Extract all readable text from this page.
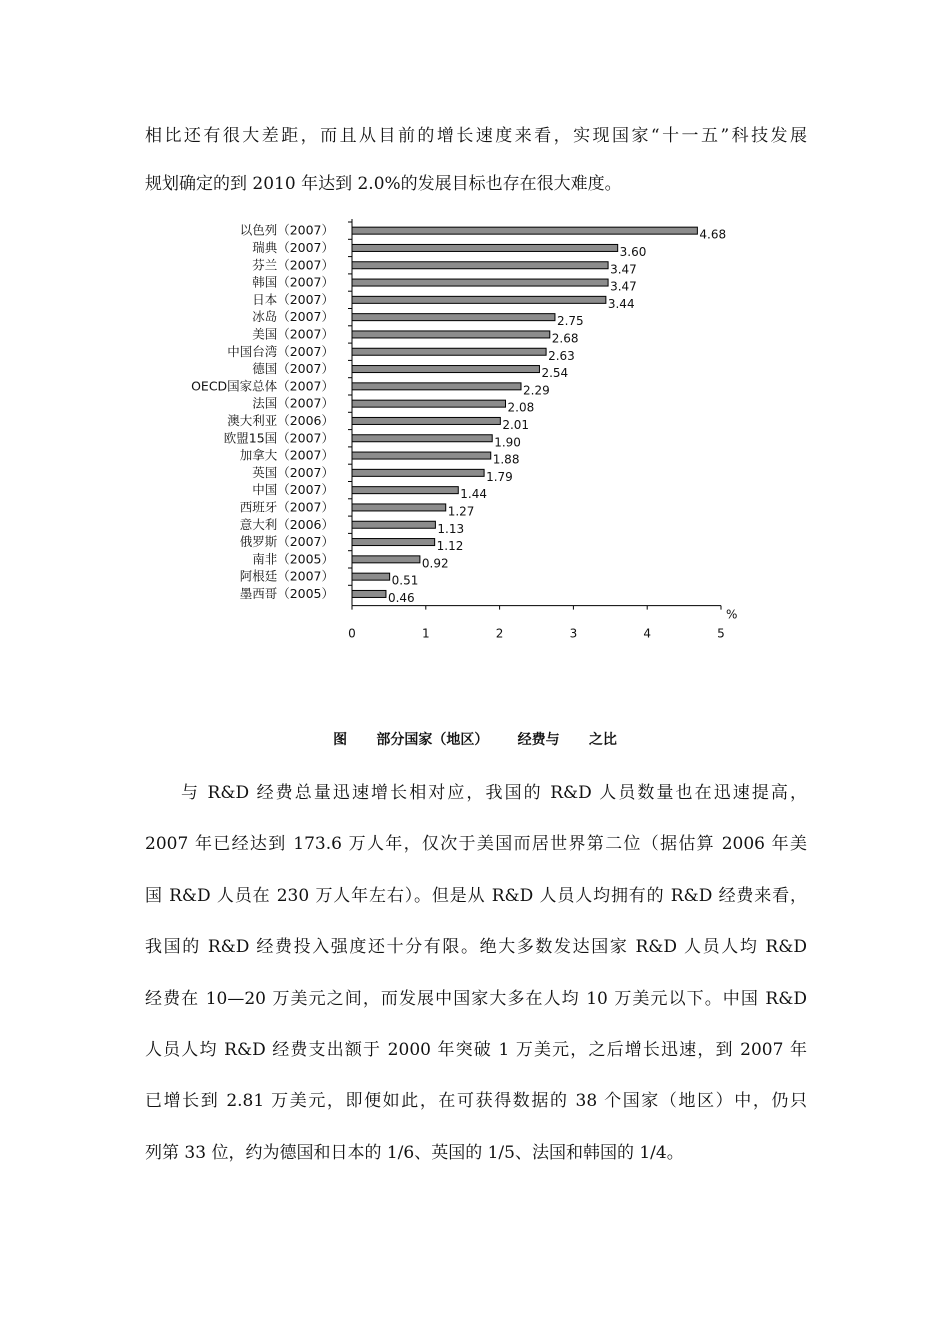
相比还有很大差距，而且从目前的增长速度来看，实现国家“十一五”科技发展
规划确定的到 2010 年达到 2.0%的发展目标也存在很大难度。
以色列（2007）	4.68
瑞典（2007）	3.60
芬兰（2007）	3.47
韩国（2007）	3.47
日本（2007）	3.44
冰岛（2007）	2.75
美国（2007）	2.68
中国台湾（2007）	2.63
德国（2007）	2.54
OECD国家总体（2007）	2.29
法国（2007）	2.08
澳大利亚（2006）	2.01
欧盟15国（2007）	1.90
加拿大（2007）	1.88
英国（2007）	1.79
中国（2007）	1.44
西班牙（2007）	1.27
意大利（2006）	1.13
俄罗斯（2007）	1.12
南非（2005）	0.92
阿根廷（2007）	0.51
墨西哥（2005）	0.46
0	1	2	3	4	5
%
图      部分国家（地区）      经费与      之比
与 R&D 经费总量迅速增长相对应，我国的 R&D 人员数量也在迅速提高，
2007 年已经达到 173.6 万人年，仅次于美国而居世界第二位（据估算 2006 年美
国 R&D 人员在 230 万人年左右）。但是从 R&D 人员人均拥有的 R&D 经费来看，
我国的 R&D 经费投入强度还十分有限。绝大多数发达国家 R&D 人员人均 R&D
经费在 10—20 万美元之间，而发展中国家大多在人均 10 万美元以下。中国 R&D
人员人均 R&D 经费支出额于 2000 年突破 1 万美元，之后增长迅速，到 2007 年
已增长到 2.81 万美元，即便如此，在可获得数据的 38 个国家（地区）中，仍只
列第 33 位，约为德国和日本的 1/6、英国的 1/5、法国和韩国的 1/4。
